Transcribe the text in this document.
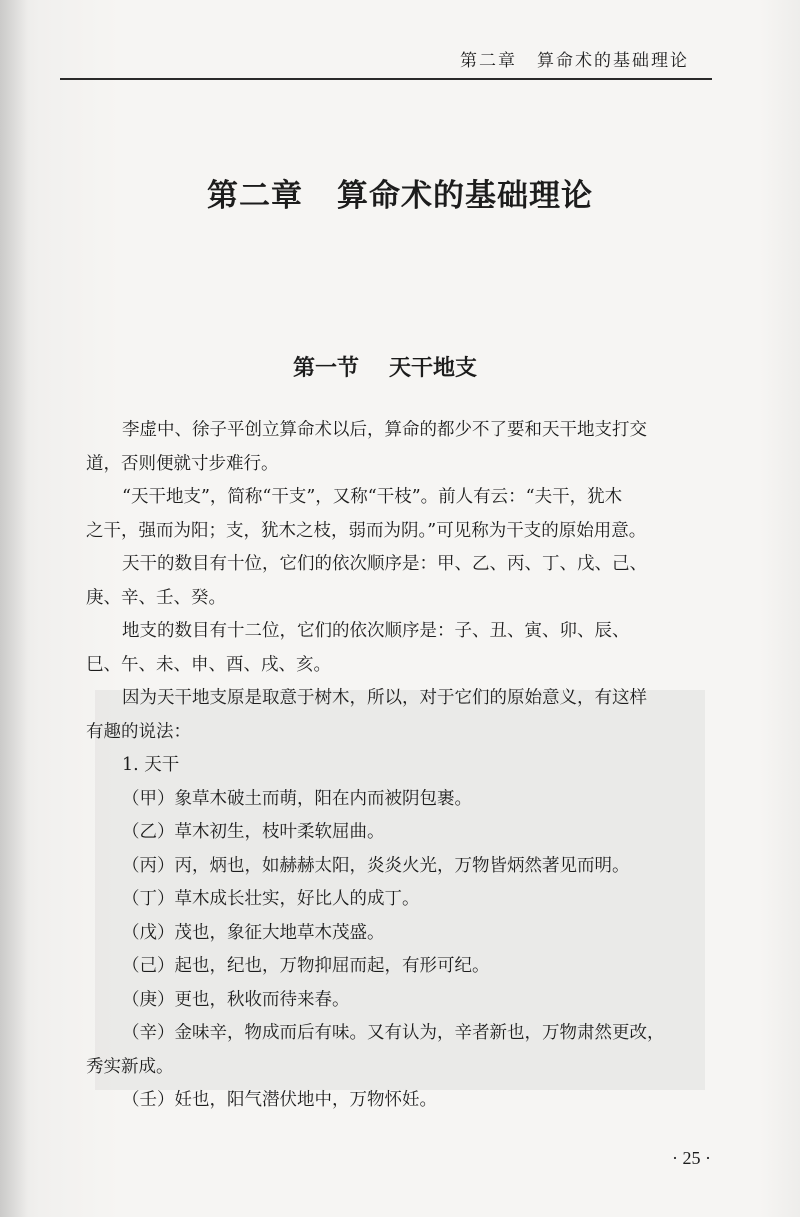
第二章 算命术的基础理论
第二章 算命术的基础理论
第一节 天干地支

李虚中、徐子平创立算命术以后，算命的都少不了要和天干地支打交
道，否则便就寸步难行。

“天干地支”，简称“干支”，又称“干枝”。前人有云：“夫干，犹木
之干，强而为阳；支，犹木之枝，弱而为阴。”可见称为干支的原始用意。

天干的数目有十位，它们的依次顺序是：甲、乙、丙、丁、戊、己、
庚、辛、壬、癸。

地支的数目有十二位，它们的依次顺序是：子、丑、寅、卯、辰、
巳、午、未、申、酉、戌、亥。

因为天干地支原是取意于树木，所以，对于它们的原始意义，有这样
有趣的说法：

1. 天干

（甲）象草木破土而萌，阳在内而被阴包裹。

（乙）草木初生，枝叶柔软屈曲。

（丙）丙，炳也，如赫赫太阳，炎炎火光，万物皆炳然著见而明。

（丁）草木成长壮实，好比人的成丁。

（戊）茂也，象征大地草木茂盛。

（己）起也，纪也，万物抑屈而起，有形可纪。

（庚）更也，秋收而待来春。

（辛）金味辛，物成而后有味。又有认为，辛者新也，万物肃然更改，
秀实新成。

（壬）妊也，阳气潜伏地中，万物怀妊。

· 25 ·
